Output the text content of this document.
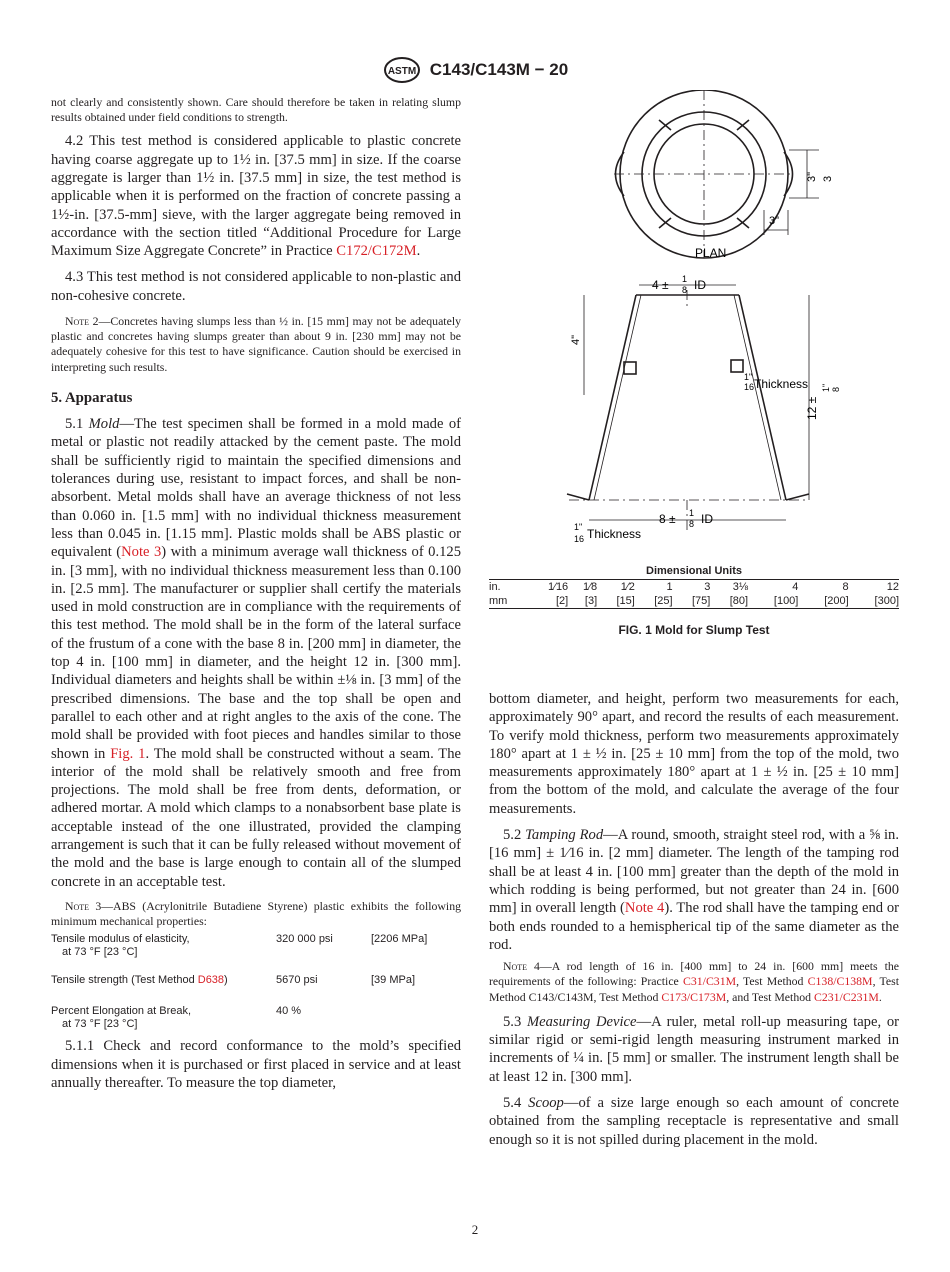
ASTM C143/C143M − 20
not clearly and consistently shown. Care should therefore be taken in relating slump results obtained under field conditions to strength.

4.2 This test method is considered applicable to plastic concrete having coarse aggregate up to 1½ in. [37.5 mm] in size. If the coarse aggregate is larger than 1½ in. [37.5 mm] in size, the test method is applicable when it is performed on the fraction of concrete passing a 1½-in. [37.5-mm] sieve, with the larger aggregate being removed in accordance with the section titled “Additional Procedure for Large Maximum Size Aggregate Concrete” in Practice C172/C172M.

4.3 This test method is not considered applicable to non-plastic and non-cohesive concrete.

Note 2—Concretes having slumps less than ½ in. [15 mm] may not be adequately plastic and concretes having slumps greater than about 9 in. [230 mm] may not be adequately cohesive for this test to have significance. Caution should be exercised in interpreting such results.
5. Apparatus

5.1 Mold—The test specimen shall be formed in a mold made of metal or plastic not readily attacked by the cement paste. The mold shall be sufficiently rigid to maintain the specified dimensions and tolerances during use, resistant to impact forces, and shall be non-absorbent. Metal molds shall have an average thickness of not less than 0.060 in. [1.5 mm] with no individual thickness measurement less than 0.045 in. [1.15 mm]. Plastic molds shall be ABS plastic or equivalent (Note 3) with a minimum average wall thickness of 0.125 in. [3 mm], with no individual thickness measurement less than 0.100 in. [2.5 mm]. The manufacturer or supplier shall certify the materials used in mold construction are in compliance with the requirements of this test method. The mold shall be in the form of the lateral surface of the frustum of a cone with the base 8 in. [200 mm] in diameter, the top 4 in. [100 mm] in diameter, and the height 12 in. [300 mm]. Individual diameters and heights shall be within ±⅛ in. [3 mm] of the prescribed dimensions. The base and the top shall be open and parallel to each other and at right angles to the axis of the cone. The mold shall be provided with foot pieces and handles similar to those shown in Fig. 1. The mold shall be constructed without a seam. The interior of the mold shall be relatively smooth and free from projections. The mold shall be free from dents, deformation, or adhered mortar. A mold which clamps to a nonabsorbent base plate is acceptable instead of the one illustrated, provided the clamping arrangement is such that it can be fully released without movement of the mold and the base is large enough to contain all of the slumped concrete in an acceptable test.

Note 3—ABS (Acrylonitrile Butadiene Styrene) plastic exhibits the following minimum mechanical properties:
Tensile modulus of elasticity,
at 73 °F [23 °C]	320 000 psi	[2206 MPa]

Tensile strength (Test Method D638)	5670 psi	[39 MPa]

Percent Elongation at Break,
at 73 °F [23 °C]	40 %	

5.1.1 Check and record conformance to the mold’s specified dimensions when it is purchased or first placed in service and at least annually thereafter. To measure the top diameter,

PLAN
4 ± 1
8 ID
Thickness
1"
16
12 ±
1" 8
8 ± 1
8 ID
Thickness
1"
16
4"
3"
3" 3
Dimensional Units
in.	1⁄16	1⁄8	1⁄2	1	3	3⅛	4	8	12
mm	[2]	[3]	[15]	[25]	[75]	[80]	[100]	[200]	[300]
FIG. 1 Mold for Slump Test

bottom diameter, and height, perform two measurements for each, approximately 90° apart, and record the results of each measurement. To verify mold thickness, perform two measurements approximately 180° apart at 1 ± ½ in. [25 ± 10 mm] from the top of the mold, two measurements approximately 180° apart at 1 ± ½ in. [25 ± 10 mm] from the bottom of the mold, and calculate the average of the four measurements.

5.2 Tamping Rod—A round, smooth, straight steel rod, with a ⅝ in. [16 mm] ± 1⁄16 in. [2 mm] diameter. The length of the tamping rod shall be at least 4 in. [100 mm] greater than the depth of the mold in which rodding is being performed, but not greater than 24 in. [600 mm] in overall length (Note 4). The rod shall have the tamping end or both ends rounded to a hemispherical tip of the same diameter as the rod.

Note 4—A rod length of 16 in. [400 mm] to 24 in. [600 mm] meets the requirements of the following: Practice C31/C31M, Test Method C138/C138M, Test Method C143/C143M, Test Method C173/C173M, and Test Method C231/C231M.

5.3 Measuring Device—A ruler, metal roll-up measuring tape, or similar rigid or semi-rigid length measuring instrument marked in increments of ¼ in. [5 mm] or smaller. The instrument length shall be at least 12 in. [300 mm].

5.4 Scoop—of a size large enough so each amount of concrete obtained from the sampling receptacle is representative and small enough so it is not spilled during placement in the mold.

2
